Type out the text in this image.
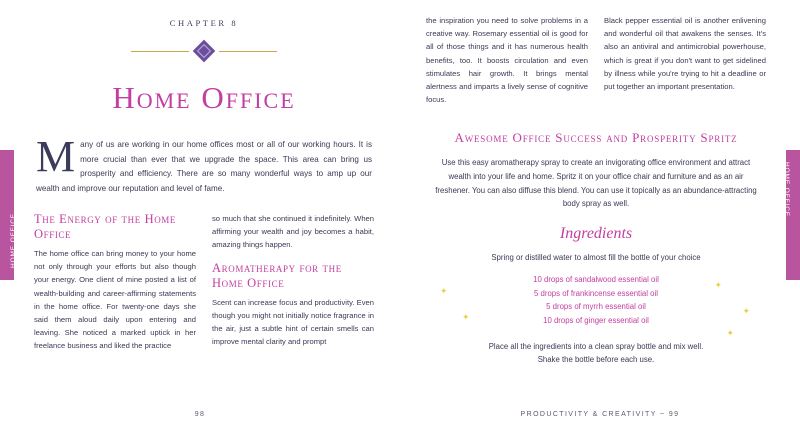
HOME OFFICE
CHAPTER 8
Home Office

Many of us are working in our home offices most or all of our working hours. It is more crucial than ever that we upgrade the space. This area can bring us prosperity and efficiency. There are so many wonderful ways to amp up our wealth and improve our reputation and level of fame.

The Energy of the Home Office

The home office can bring money to your home not only through your efforts but also though your energy. One client of mine posted a list of wealth-building and career-affirming statements in the home office. For twenty-one days she said them aloud daily upon entering and leaving. She noticed a marked uptick in her freelance business and liked the practice

so much that she continued it indefinitely. When affirming your wealth and joy becomes a habit, amazing things happen.

Aromatherapy for the Home Office

Scent can increase focus and productivity. Even though you might not initially notice fragrance in the air, just a subtle hint of certain smells can improve mental clarity and prompt

98
HOME OFFICE

the inspiration you need to solve problems in a creative way. Rosemary essential oil is good for all of those things and it has numerous health benefits, too. It boosts circulation and even stimulates hair growth. It brings mental alertness and imparts a lively sense of cognitive focus.

Black pepper essential oil is another enlivening and wonderful oil that awakens the senses. It's also an antiviral and antimicrobial powerhouse, which is great if you don't want to get sidelined by illness while you're trying to hit a deadline or put together an important presentation.

Awesome Office Success and Prosperity Spritz

Use this easy aromatherapy spray to create an invigorating office environment and attract wealth into your life and home. Spritz it on your office chair and furniture and as an air freshener. You can also diffuse this blend. You can use it topically as an abundance-attracting body spray as well.

Ingredients
Spring or distilled water to almost fill the bottle of your choice
✦
✦
✦
✦
✦
10 drops of sandalwood essential oil
5 drops of frankincense essential oil
5 drops of myrrh essential oil
10 drops of ginger essential oil
Place all the ingredients into a clean spray bottle and mix well.
Shake the bottle before each use.
PRODUCTIVITY & CREATIVITY ~ 99
